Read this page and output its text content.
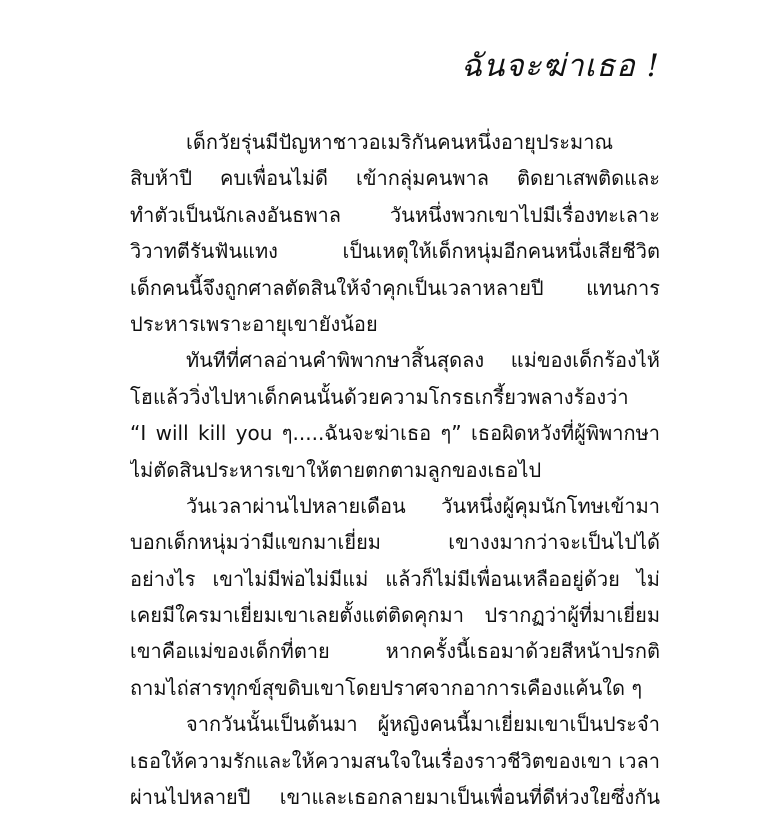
ฉันจะฆ่าเธอ !
เด็กวัยรุ่นมีปัญหาชาวอเมริกันคนหนึ่งอายุประมาณ
สิบห้าปี คบเพื่อนไม่ดี เข้ากลุ่มคนพาล ติดยาเสพติดและ
ทำตัวเป็นนักเลงอันธพาล วันหนึ่งพวกเขาไปมีเรื่องทะเลาะ
วิวาทตีรันฟันแทง เป็นเหตุให้เด็กหนุ่มอีกคนหนึ่งเสียชีวิต
เด็กคนนี้จึงถูกศาลตัดสินให้จำคุกเป็นเวลาหลายปี แทนการ
ประหารเพราะอายุเขายังน้อย
ทันทีที่ศาลอ่านคำพิพากษาสิ้นสุดลง แม่ของเด็กร้องไห้
โฮแล้ววิ่งไปหาเด็กคนนั้นด้วยความโกรธเกรี้ยวพลางร้องว่า
“I will kill you ๆ.....ฉันจะฆ่าเธอ ๆ” เธอผิดหวังที่ผู้พิพากษา
ไม่ตัดสินประหารเขาให้ตายตกตามลูกของเธอไป
วันเวลาผ่านไปหลายเดือน วันหนึ่งผู้คุมนักโทษเข้ามา
บอกเด็กหนุ่มว่ามีแขกมาเยี่ยม เขางงมากว่าจะเป็นไปได้
อย่างไร เขาไม่มีพ่อไม่มีแม่ แล้วก็ไม่มีเพื่อนเหลืออยู่ด้วย ไม่
เคยมีใครมาเยี่ยมเขาเลยตั้งแต่ติดคุกมา ปรากฏว่าผู้ที่มาเยี่ยม
เขาคือแม่ของเด็กที่ตาย หากครั้งนี้เธอมาด้วยสีหน้าปรกติ
ถามไถ่สารทุกข์สุขดิบเขาโดยปราศจากอาการเคืองแค้นใด ๆ
จากวันนั้นเป็นต้นมา ผู้หญิงคนนี้มาเยี่ยมเขาเป็นประจำ
เธอให้ความรักและให้ความสนใจในเรื่องราวชีวิตของเขา เวลา
ผ่านไปหลายปี เขาและเธอกลายมาเป็นเพื่อนที่ดีห่วงใยซึ่งกัน
